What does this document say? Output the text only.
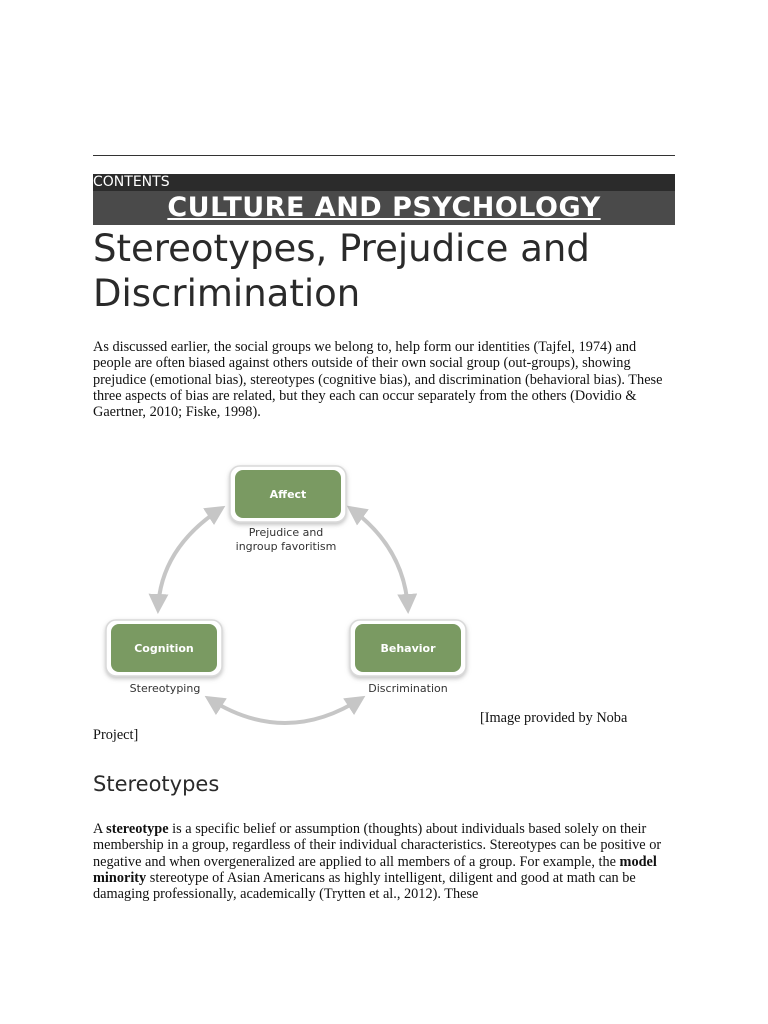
CONTENTS
CULTURE AND PSYCHOLOGY
Stereotypes, Prejudice and Discrimination

As discussed earlier, the social groups we belong to, help form our identities (Tajfel, 1974) and people are often biased against others outside of their own social group (out-groups), showing prejudice (emotional bias), stereotypes (cognitive bias), and discrimination (behavioral bias). These three aspects of bias are related, but they each can occur separately from the others (Dovidio & Gaertner, 2010; Fiske, 1998).

Affect
Prejudice and
ingroup favoritism
Cognition
Stereotyping
Behavior
Discrimination
[Image provided by Noba
Project]
Stereotypes

A stereotype is a specific belief or assumption (thoughts) about individuals based solely on their membership in a group, regardless of their individual characteristics. Stereotypes can be positive or negative and when overgeneralized are applied to all members of a group. For example, the model minority stereotype of Asian Americans as highly intelligent, diligent and good at math can be damaging professionally, academically (Trytten et al., 2012). These
